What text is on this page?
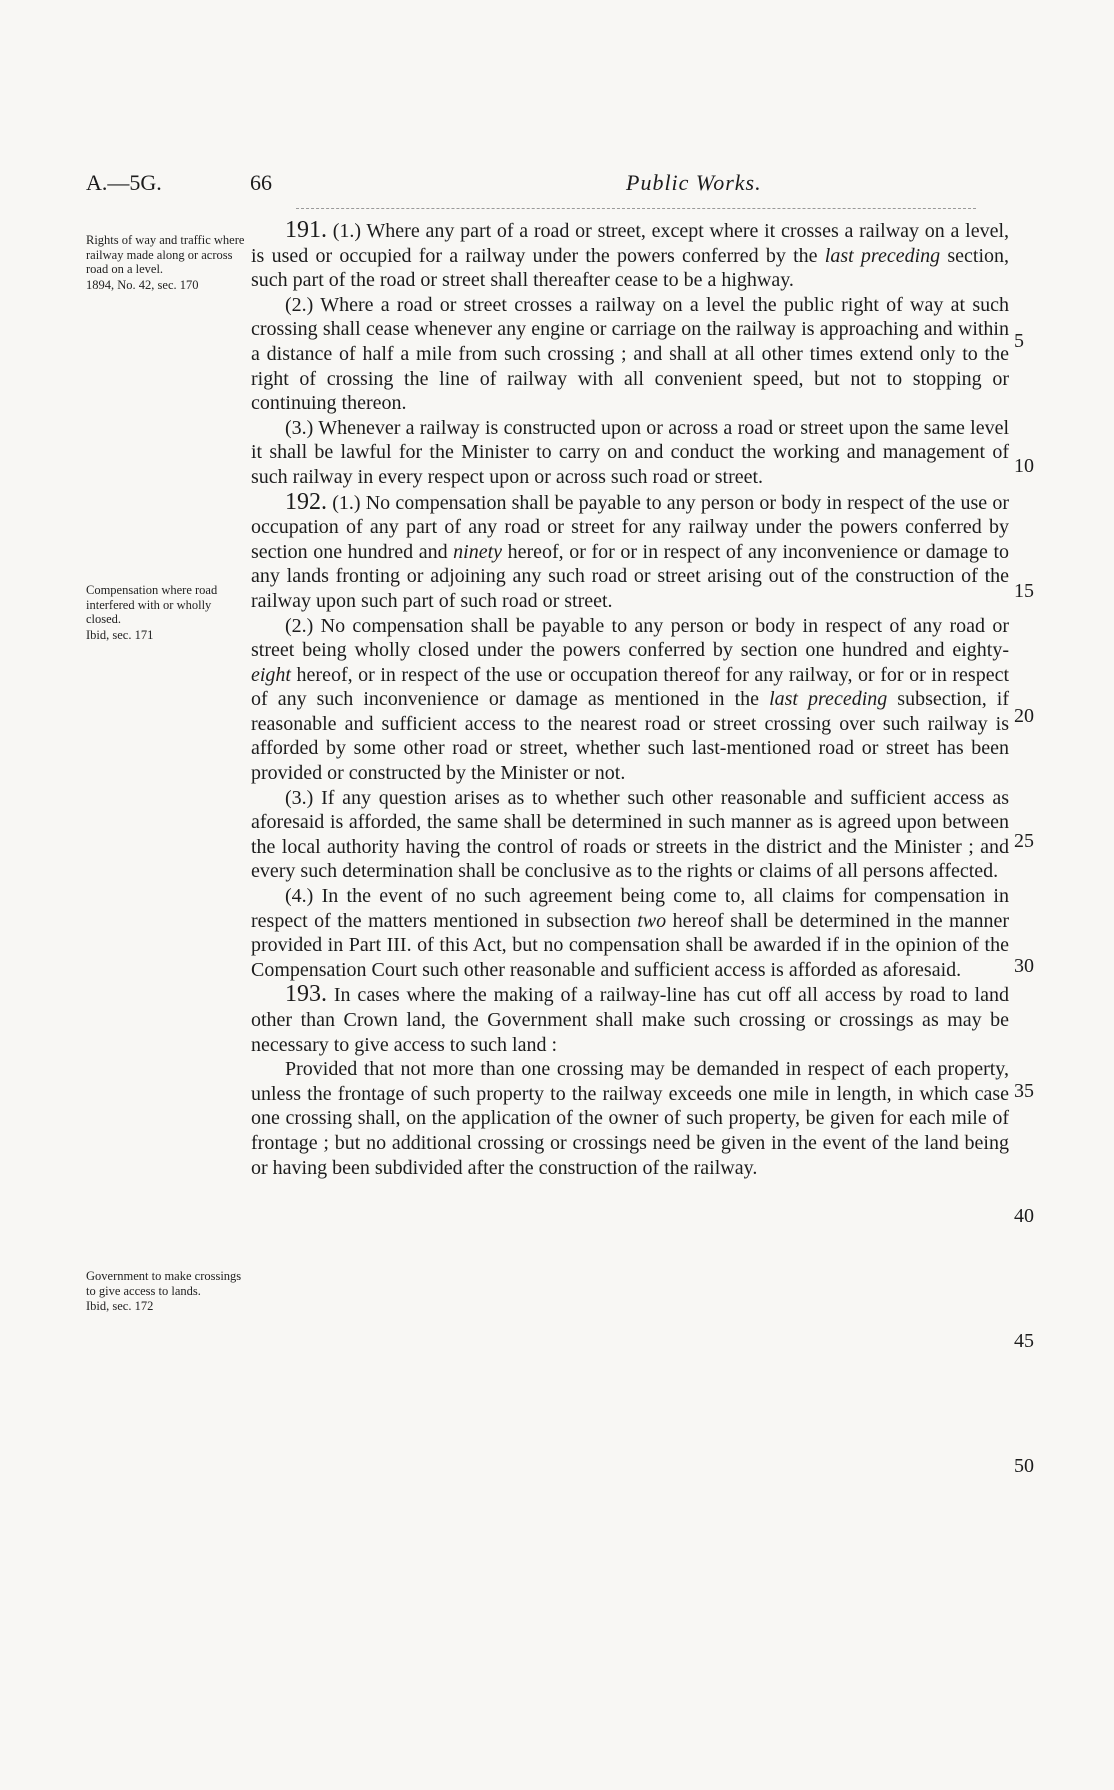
A.—5G.	66	Public Works.
Rights of way and traffic where railway made along or across road on a level.
1894, No. 42, sec. 170
Compensation where road interfered with or wholly closed.
Ibid, sec. 171
Government to make crossings to give access to lands.
Ibid, sec. 172

191. (1.) Where any part of a road or street, except where it crosses a railway on a level, is used or occupied for a railway under the powers conferred by the last preceding section, such part of the road or street shall thereafter cease to be a highway.

(2.) Where a road or street crosses a railway on a level the public right of way at such crossing shall cease whenever any engine or carriage on the railway is approaching and within a distance of half a mile from such crossing ; and shall at all other times extend only to the right of crossing the line of railway with all convenient speed, but not to stopping or continuing thereon.

(3.) Whenever a railway is constructed upon or across a road or street upon the same level it shall be lawful for the Minister to carry on and conduct the working and management of such railway in every respect upon or across such road or street.

192. (1.) No compensation shall be payable to any person or body in respect of the use or occupation of any part of any road or street for any railway under the powers conferred by section one hundred and ninety hereof, or for or in respect of any inconvenience or damage to any lands fronting or adjoining any such road or street arising out of the construction of the railway upon such part of such road or street.

(2.) No compensation shall be payable to any person or body in respect of any road or street being wholly closed under the powers conferred by section one hundred and eighty-eight hereof, or in respect of the use or occupation thereof for any railway, or for or in respect of any such inconvenience or damage as mentioned in the last preceding subsection, if reasonable and sufficient access to the nearest road or street crossing over such railway is afforded by some other road or street, whether such last-mentioned road or street has been provided or constructed by the Minister or not.

(3.) If any question arises as to whether such other reasonable and sufficient access as aforesaid is afforded, the same shall be determined in such manner as is agreed upon between the local authority having the control of roads or streets in the district and the Minister ; and every such determination shall be conclusive as to the rights or claims of all persons affected.

(4.) In the event of no such agreement being come to, all claims for compensation in respect of the matters mentioned in subsection two hereof shall be determined in the manner provided in Part III. of this Act, but no compensation shall be awarded if in the opinion of the Compensation Court such other reasonable and sufficient access is afforded as aforesaid.

193. In cases where the making of a railway-line has cut off all access by road to land other than Crown land, the Government shall make such crossing or crossings as may be necessary to give access to such land :

Provided that not more than one crossing may be demanded in respect of each property, unless the frontage of such property to the railway exceeds one mile in length, in which case one crossing shall, on the application of the owner of such property, be given for each mile of frontage ; but no additional crossing or crossings need be given in the event of the land being or having been subdivided after the construction of the railway.

5
10
15
20
25
30
35
40
45
50
